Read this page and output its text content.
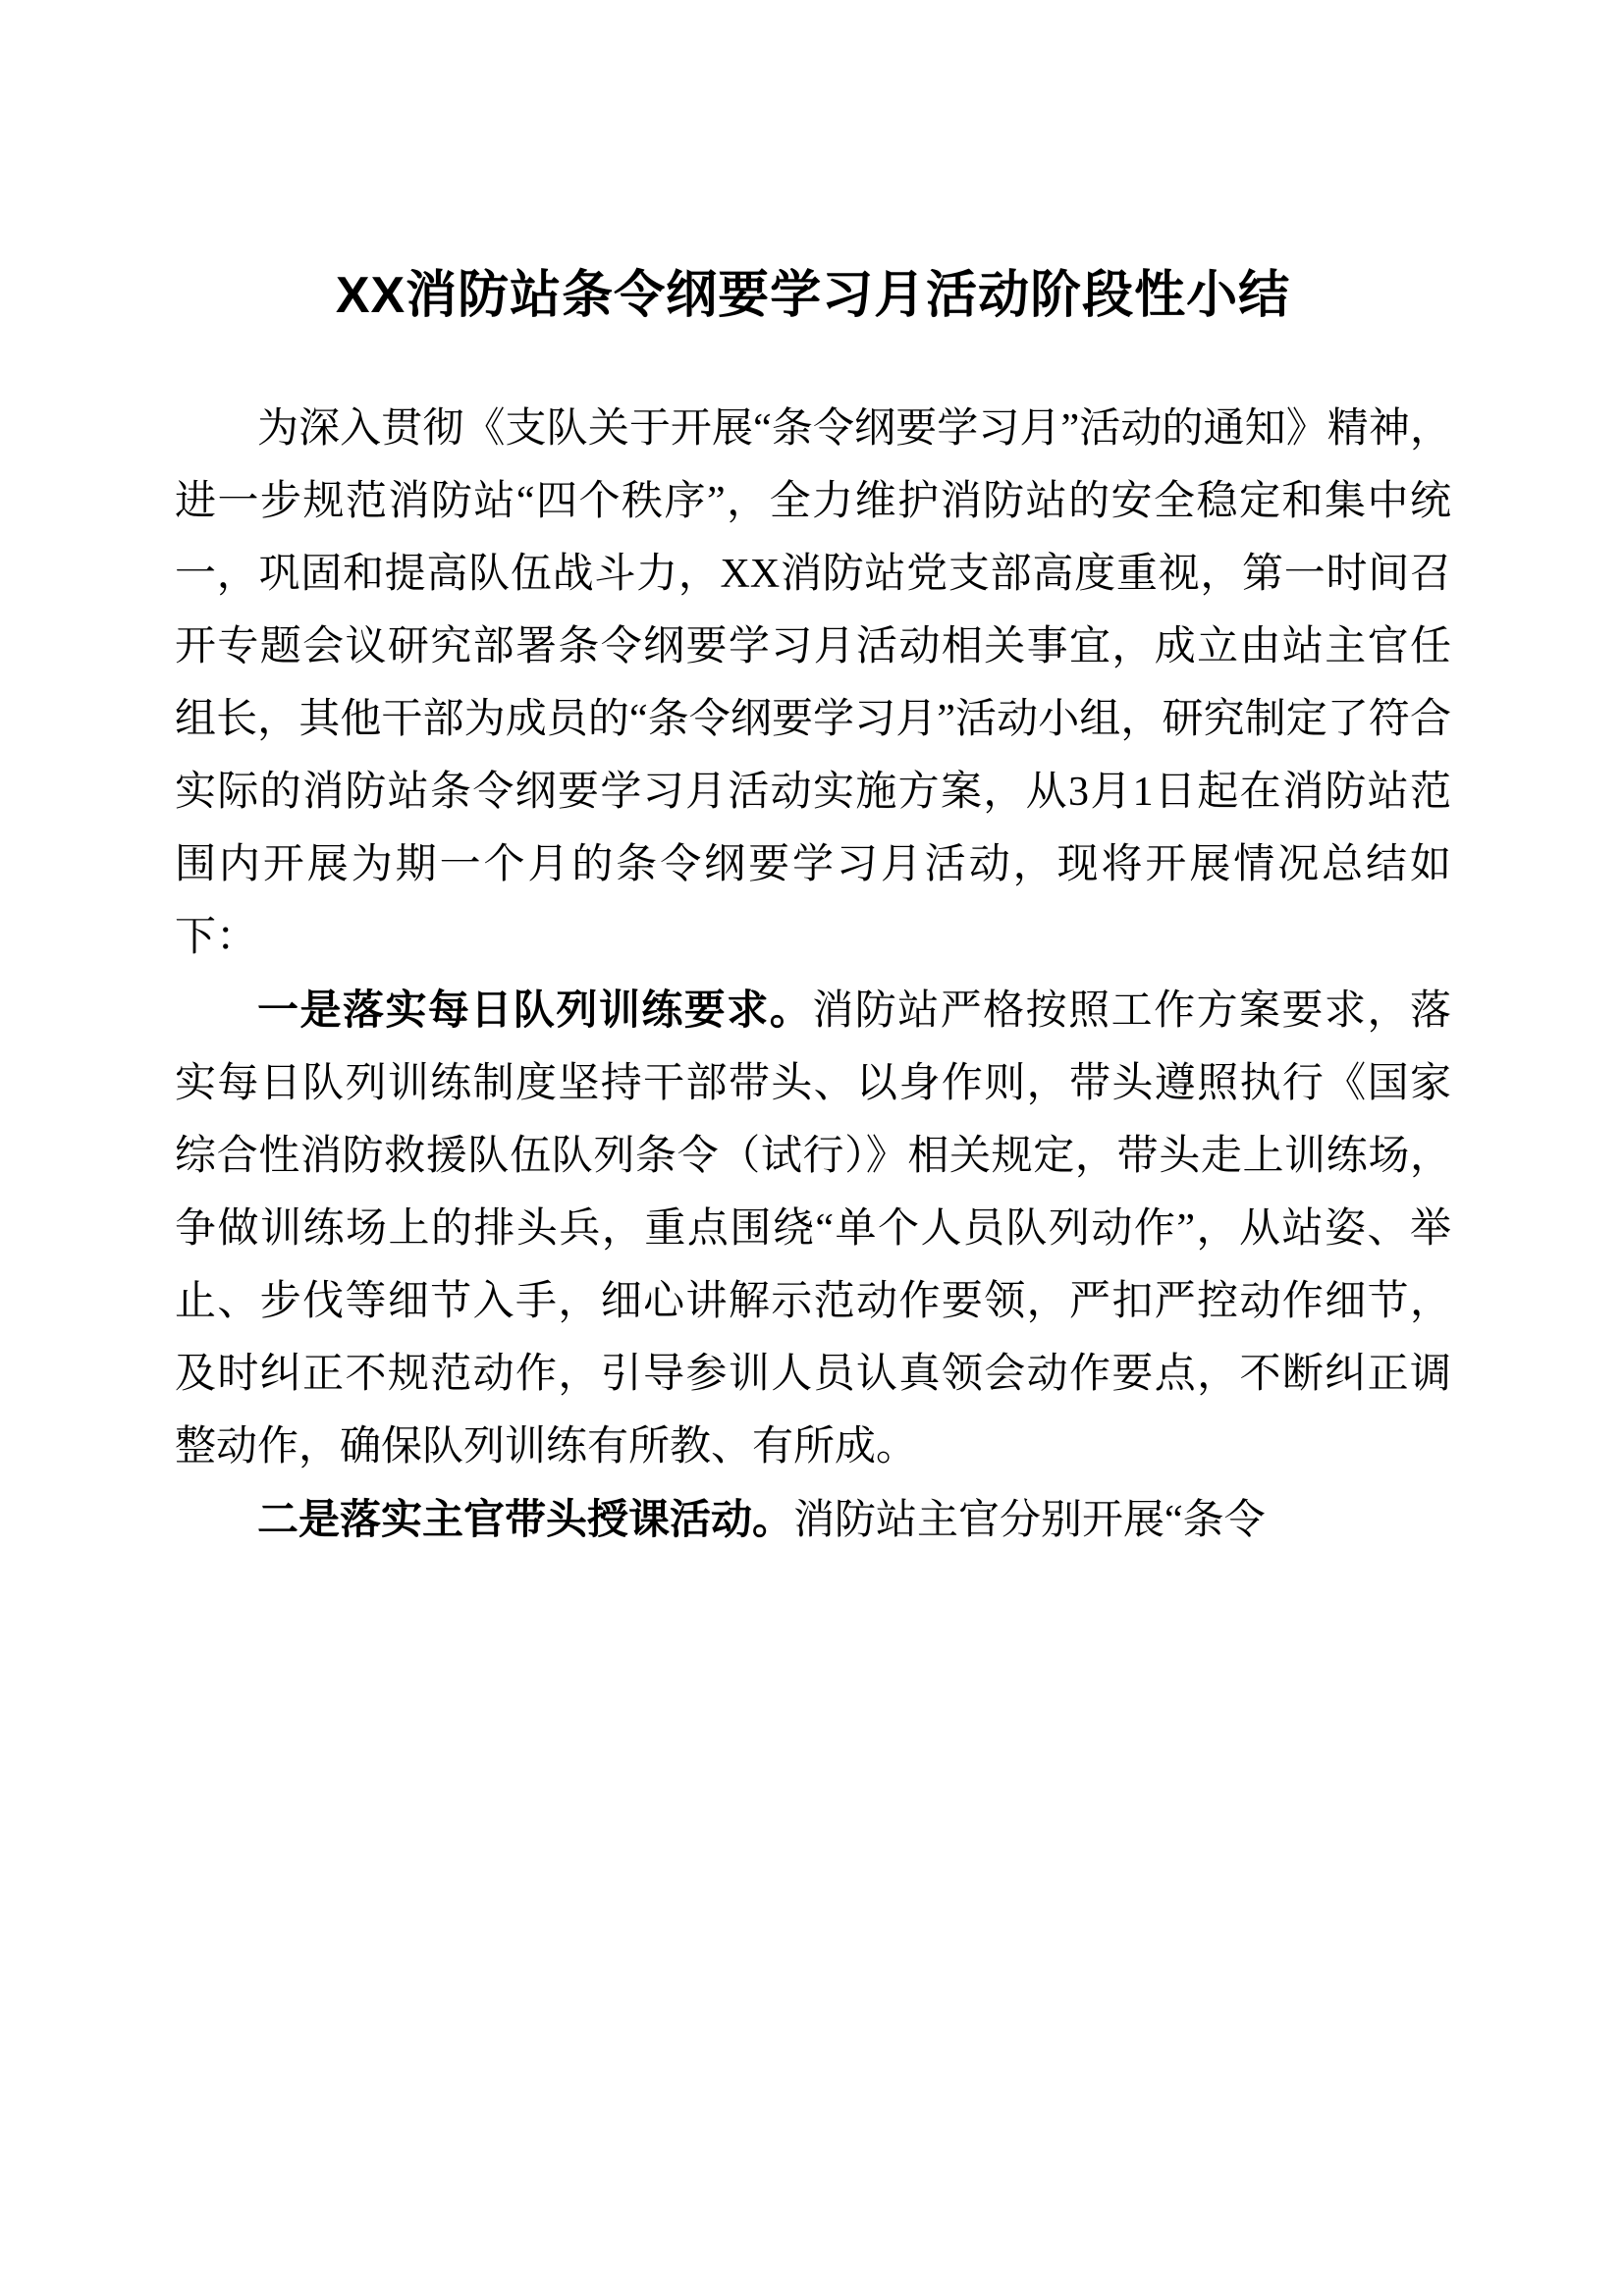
XX消防站条令纲要学习月活动阶段性小结

为深入贯彻《支队关于开展“条令纲要学习月”活动的通知》精神，进一步规范消防站“四个秩序”，全力维护消防站的安全稳定和集中统一，巩固和提高队伍战斗力，XX消防站党支部高度重视，第一时间召开专题会议研究部署条令纲要学习月活动相关事宜，成立由站主官任组长，其他干部为成员的“条令纲要学习月”活动小组，研究制定了符合实际的消防站条令纲要学习月活动实施方案，从3月1日起在消防站范围内开展为期一个月的条令纲要学习月活动，现将开展情况总结如下：

一是落实每日队列训练要求。消防站严格按照工作方案要求，落实每日队列训练制度坚持干部带头、以身作则，带头遵照执行《国家综合性消防救援队伍队列条令（试行）》相关规定，带头走上训练场，争做训练场上的排头兵，重点围绕“单个人员队列动作”，从站姿、举止、步伐等细节入手，细心讲解示范动作要领，严扣严控动作细节，及时纠正不规范动作，引导参训人员认真领会动作要点，不断纠正调整动作，确保队列训练有所教、有所成。

二是落实主官带头授课活动。消防站主官分别开展“条令
